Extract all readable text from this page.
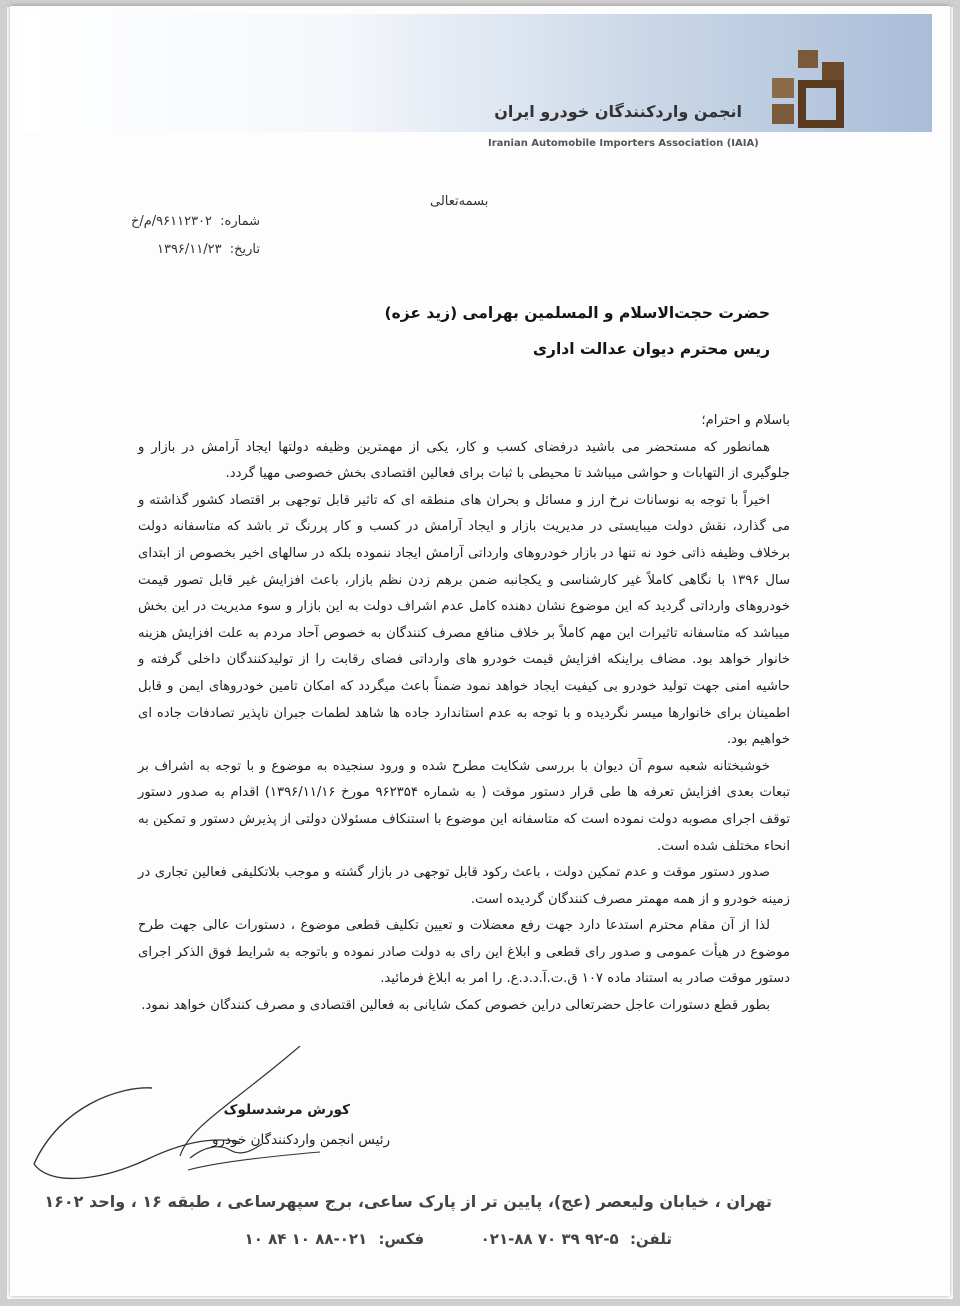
انجمن واردکنندگان خودرو ایران
Iranian Automobile Importers Association (IAIA)
بسمه‌تعالی
شماره: ۹۶۱۱۲۳۰۲/م/خ
تاریخ: ۱۳۹۶/۱۱/۲۳
حضرت حجت‌الاسلام و المسلمین بهرامی (زید عزه)
ریس محترم دیوان عدالت اداری

باسلام و احترام؛

همانطور که مستحضر می باشید درفضای کسب و کار، یکی از مهمترین وظیفه دولتها ایجاد آرامش در بازار و جلوگیری از التهابات و حواشی میباشد تا محیطی با ثبات برای فعالین اقتصادی بخش خصوصی مهیا گردد.

اخیراً با توجه به نوسانات نرخ ارز و مسائل و بحران های منطقه ای که تاثیر قابل توجهی بر اقتصاد کشور گذاشته و می گذارد، نقش دولت میبایستی در مدیریت بازار و ایجاد آرامش در کسب و کار پررنگ تر باشد که متاسفانه دولت برخلاف وظیفه ذاتی خود نه تنها در بازار خودروهای وارداتی آرامش ایجاد ننموده بلکه در سالهای اخیر بخصوص از ابتدای سال ۱۳۹۶ با نگاهی کاملاً غیر کارشناسی و یکجانبه ضمن برهم زدن نظم بازار، باعث افزایش غیر قابل تصور قیمت خودروهای وارداتی گردید که این موضوع نشان دهنده کامل عدم اشراف دولت به این بازار و سوء مدیریت در این بخش میباشد که متاسفانه تاثیرات این مهم کاملاً بر خلاف منافع مصرف کنندگان به خصوص آحاد مردم به علت افزایش هزینه خانوار خواهد بود. مضاف براینکه افزایش قیمت خودرو های وارداتی فضای رقابت را از تولیدکنندگان داخلی گرفته و حاشیه امنی جهت تولید خودرو بی کیفیت ایجاد خواهد نمود ضمناً باعث میگردد که امکان تامین خودروهای ایمن و قابل اطمینان برای خانوارها میسر نگردیده و با توجه به عدم استاندارد جاده ها شاهد لطمات جبران ناپذیر تصادفات جاده ای خواهیم بود.

خوشبختانه شعبه سوم آن دیوان با بررسی شکایت مطرح شده و ورود سنجیده به موضوع و با توجه به اشراف بر تبعات بعدی افزایش تعرفه ها طی قرار دستور موقت ( به شماره ۹۶۲۳۵۴ مورخ ۱۳۹۶/۱۱/۱۶) اقدام به صدور دستور توقف اجرای مصوبه دولت نموده است که متاسفانه این موضوع با استنکاف مسئولان دولتی از پذیرش دستور و تمکین به انحاء مختلف شده است.

صدور دستور موقت و عدم تمکین دولت ، باعث رکود قابل توجهی در بازار گشته و موجب بلاتکلیفی فعالین تجاری در زمینه خودرو و از همه مهمتر مصرف کنندگان گردیده است.

لذا از آن مقام محترم استدعا دارد جهت رفع معضلات و تعیین تکلیف قطعی موضوع ، دستورات عالی جهت طرح موضوع در هیأت عمومی و صدور رای قطعی و ابلاغ این رای به دولت صادر نموده و باتوجه به شرایط فوق الذکر اجرای دستور موقت صادر به استناد ماده ۱۰۷ ق.ت.آ.د.د.ع. را امر به ابلاغ فرمائید.

بطور قطع دستورات عاجل حضرتعالی دراین خصوص کمک شایانی به فعالین اقتصادی و مصرف کنندگان خواهد نمود.

کورش مرشدسلوک
رئیس انجمن واردکنندگان خودرو
تهران ، خیابان ولیعصر (عج)، پایین تر از پارک ساعی، برج سپهرساعی ، طبقه ۱۶ ، واحد ۱۶۰۲
تلفن: ۵-۹۲ ۳۹ ۷۰ ۸۸-۰۲۱  فکس: ۰۲۱-۸۸ ۱۰ ۸۴ ۱۰
